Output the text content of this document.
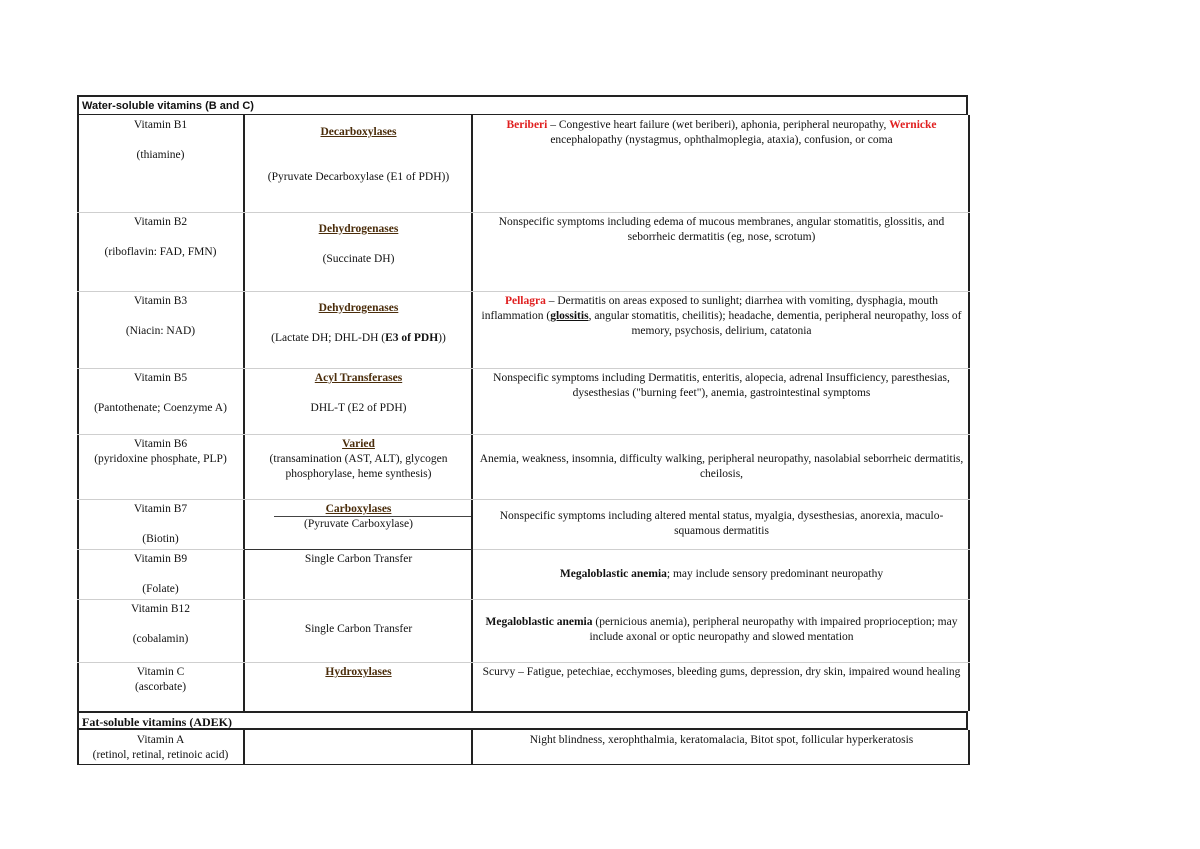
Water-soluble vitamins (B and C)
Vitamin B1
(thiamine)
Decarboxylases
(Pyruvate Decarboxylase (E1 of PDH))
Beriberi – Congestive heart failure (wet beriberi), aphonia, peripheral neuropathy, Wernicke encephalopathy (nystagmus, ophthalmoplegia, ataxia), confusion, or coma
Vitamin B2
(riboflavin: FAD, FMN)
Dehydrogenases
(Succinate DH)
Nonspecific symptoms including edema of mucous membranes, angular stomatitis, glossitis, and seborrheic dermatitis (eg, nose, scrotum)
Vitamin B3
(Niacin: NAD)
Dehydrogenases
(Lactate DH; DHL-DH (E3 of PDH))
Pellagra – Dermatitis on areas exposed to sunlight; diarrhea with vomiting, dysphagia, mouth inflammation (glossitis, angular stomatitis, cheilitis); headache, dementia, peripheral neuropathy, loss of memory, psychosis, delirium, catatonia
Vitamin B5
(Pantothenate; Coenzyme A)
Acyl Transferases
DHL-T (E2 of PDH)
Nonspecific symptoms including Dermatitis, enteritis, alopecia, adrenal Insufficiency, paresthesias, dysesthesias ("burning feet"), anemia, gastrointestinal symptoms
Vitamin B6
(pyridoxine phosphate, PLP)
Varied
(transamination (AST, ALT), glycogen phosphorylase, heme synthesis)
Anemia, weakness, insomnia, difficulty walking, peripheral neuropathy, nasolabial seborrheic dermatitis, cheilosis,
Vitamin B7
(Biotin)
Carboxylases
(Pyruvate Carboxylase)
Nonspecific symptoms including altered mental status, myalgia, dysesthesias, anorexia, maculo-squamous dermatitis
Vitamin B9
(Folate)
Single Carbon Transfer
Megaloblastic anemia; may include sensory predominant neuropathy
Vitamin B12
(cobalamin)
Single Carbon Transfer
Megaloblastic anemia (pernicious anemia), peripheral neuropathy with impaired proprioception; may include axonal or optic neuropathy and slowed mentation
Vitamin C
(ascorbate)
Hydroxylases	Scurvy – Fatigue, petechiae, ecchymoses, bleeding gums, depression, dry skin, impaired wound healing
Fat-soluble vitamins (ADEK)
Vitamin A
(retinol, retinal, retinoic acid)
Night blindness, xerophthalmia, keratomalacia, Bitot spot, follicular hyperkeratosis
